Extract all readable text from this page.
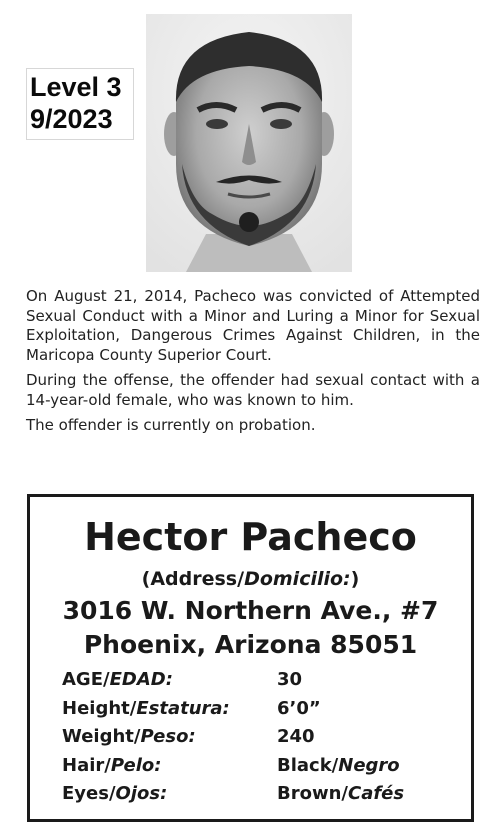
Level 3
9/2023

On August 21, 2014, Pacheco was convicted of Attempted Sexual Conduct with a Minor and Luring a Minor for Sexual Exploitation, Dangerous Crimes Against Children, in the Maricopa County Superior Court.

During the offense, the offender had sexual contact with a 14-year-old female, who was known to him.

The offender is currently on probation.

Hector Pacheco
(Address/Domicilio:)
3016 W. Northern Ave., #7
Phoenix, Arizona 85051
AGE/EDAD:	30
Height/Estatura:	6’0”
Weight/Peso:	240
Hair/Pelo:	Black/Negro
Eyes/Ojos:	Brown/Cafés
